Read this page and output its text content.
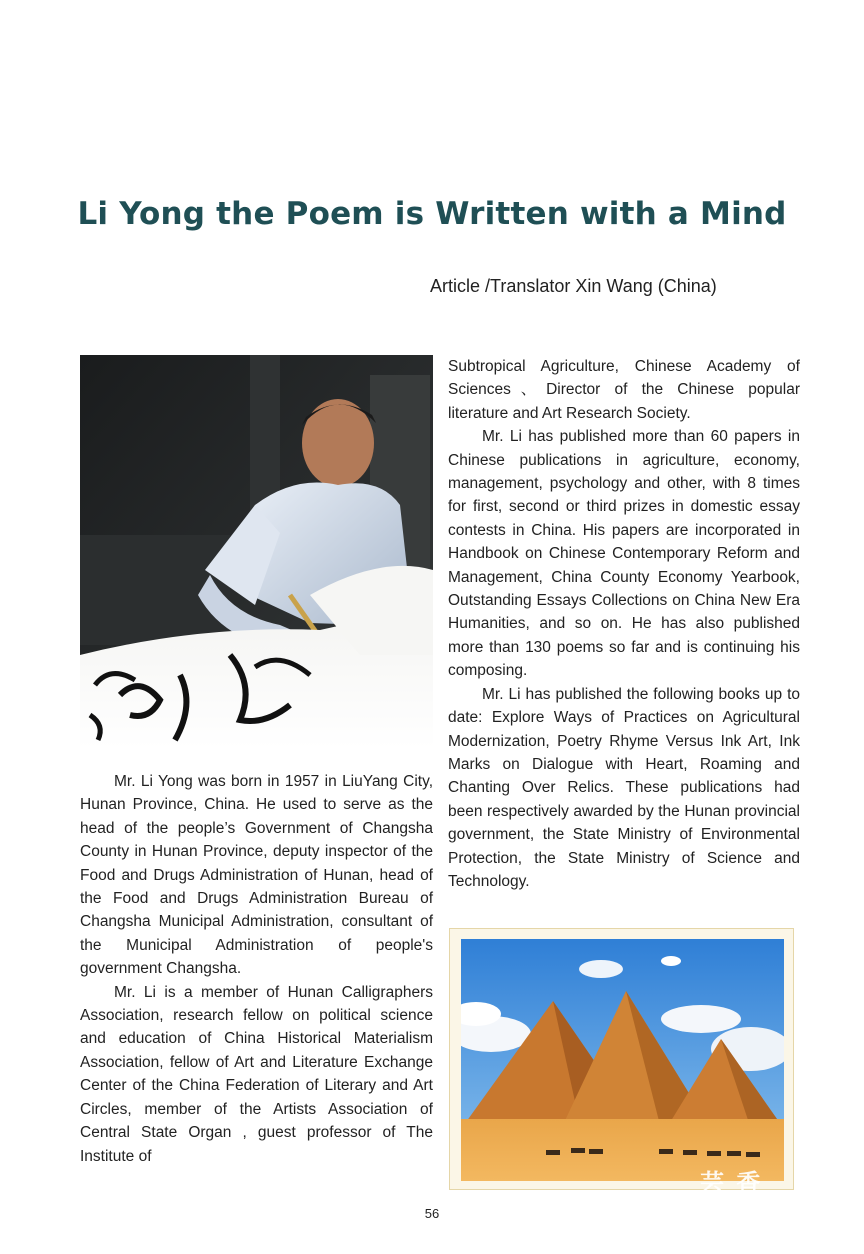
Li Yong the Poem is Written with a Mind
Article /Translator Xin Wang (China)

Mr. Li Yong was born in 1957 in LiuYang City, Hunan Province, China. He used to serve as the head of the people’s Government of Changsha County in Hunan Province, deputy inspector of the Food and Drugs Administration of Hunan, head of the Food and Drugs Administration Bureau of Changsha Municipal Administration, consultant of the Municipal Administration of people's government Changsha.

Mr. Li is a member of Hunan Calligraphers Association, research fellow on political science and education of China Historical Materialism Association, fellow of Art and Literature Exchange Center of the China Federation of Literary and Art Circles, member of the Artists Association of Central State Organ , guest professor of The Institute of

Subtropical Agriculture, Chinese Academy of Sciences、Director of the Chinese popular literature and Art Research Society.

Mr. Li has published more than 60 papers in Chinese publications in agriculture, economy, management, psychology and other, with 8 times for first, second or third prizes in domestic essay contests in China. His papers are incorporated in Handbook on Chinese Contemporary Reform and Management, China County Economy Yearbook, Outstanding Essays Collections on China New Era Humanities, and so on. He has also published more than 130 poems so far and is continuing his composing.

Mr. Li has published the following books up to date: Explore Ways of Practices on Agricultural Modernization, Poetry Rhyme Versus Ink Art, Ink Marks on Dialogue with Heart, Roaming and Chanting Over Relics. These publications had been respectively awarded by the Hunan provincial government, the State Ministry of Environmental Protection, the State Ministry of Science and Technology.

芸 香
56
